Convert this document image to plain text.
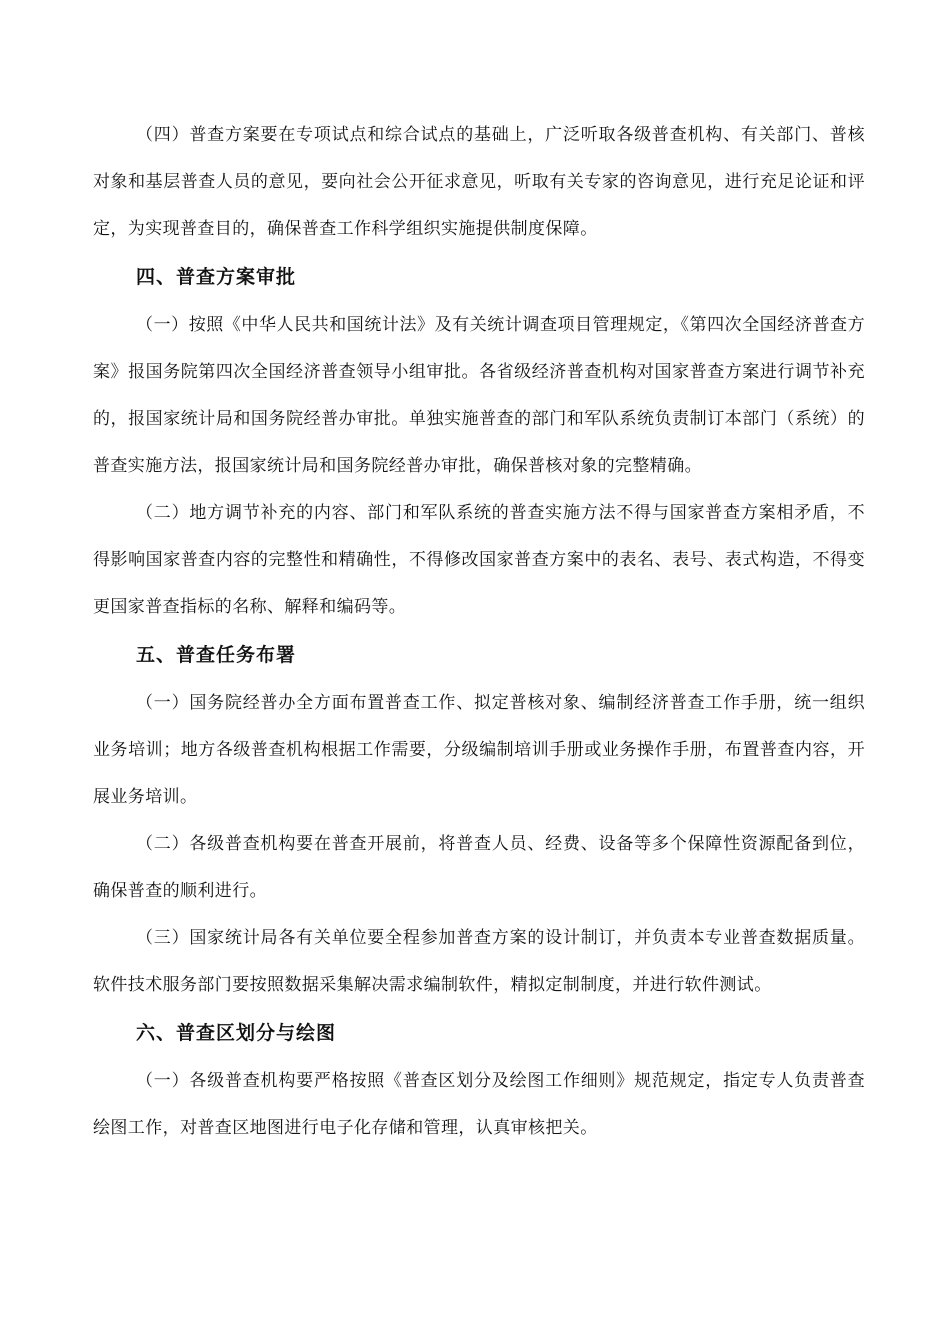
（四）普查方案要在专项试点和综合试点的基础上，广泛听取各级普查机构、有关部门、普核对象和基层普查人员的意见，要向社会公开征求意见，听取有关专家的咨询意见，进行充足论证和评定，为实现普查目的，确保普查工作科学组织实施提供制度保障。

四、普查方案审批

（一）按照《中华人民共和国统计法》及有关统计调查项目管理规定，《第四次全国经济普查方案》报国务院第四次全国经济普查领导小组审批。各省级经济普查机构对国家普查方案进行调节补充的，报国家统计局和国务院经普办审批。单独实施普查的部门和军队系统负责制订本部门（系统）的普查实施方法，报国家统计局和国务院经普办审批，确保普核对象的完整精确。

（二）地方调节补充的内容、部门和军队系统的普查实施方法不得与国家普查方案相矛盾，不得影响国家普查内容的完整性和精确性，不得修改国家普查方案中的表名、表号、表式构造，不得变更国家普查指标的名称、解释和编码等。

五、普查任务布署

（一）国务院经普办全方面布置普查工作、拟定普核对象、编制经济普查工作手册，统一组织业务培训；地方各级普查机构根据工作需要，分级编制培训手册或业务操作手册，布置普查内容，开展业务培训。

（二）各级普查机构要在普查开展前，将普查人员、经费、设备等多个保障性资源配备到位，确保普查的顺利进行。

（三）国家统计局各有关单位要全程参加普查方案的设计制订，并负责本专业普查数据质量。软件技术服务部门要按照数据采集解决需求编制软件，精拟定制制度，并进行软件测试。

六、普查区划分与绘图

（一）各级普查机构要严格按照《普查区划分及绘图工作细则》规范规定，指定专人负责普查绘图工作，对普查区地图进行电子化存储和管理，认真审核把关。
